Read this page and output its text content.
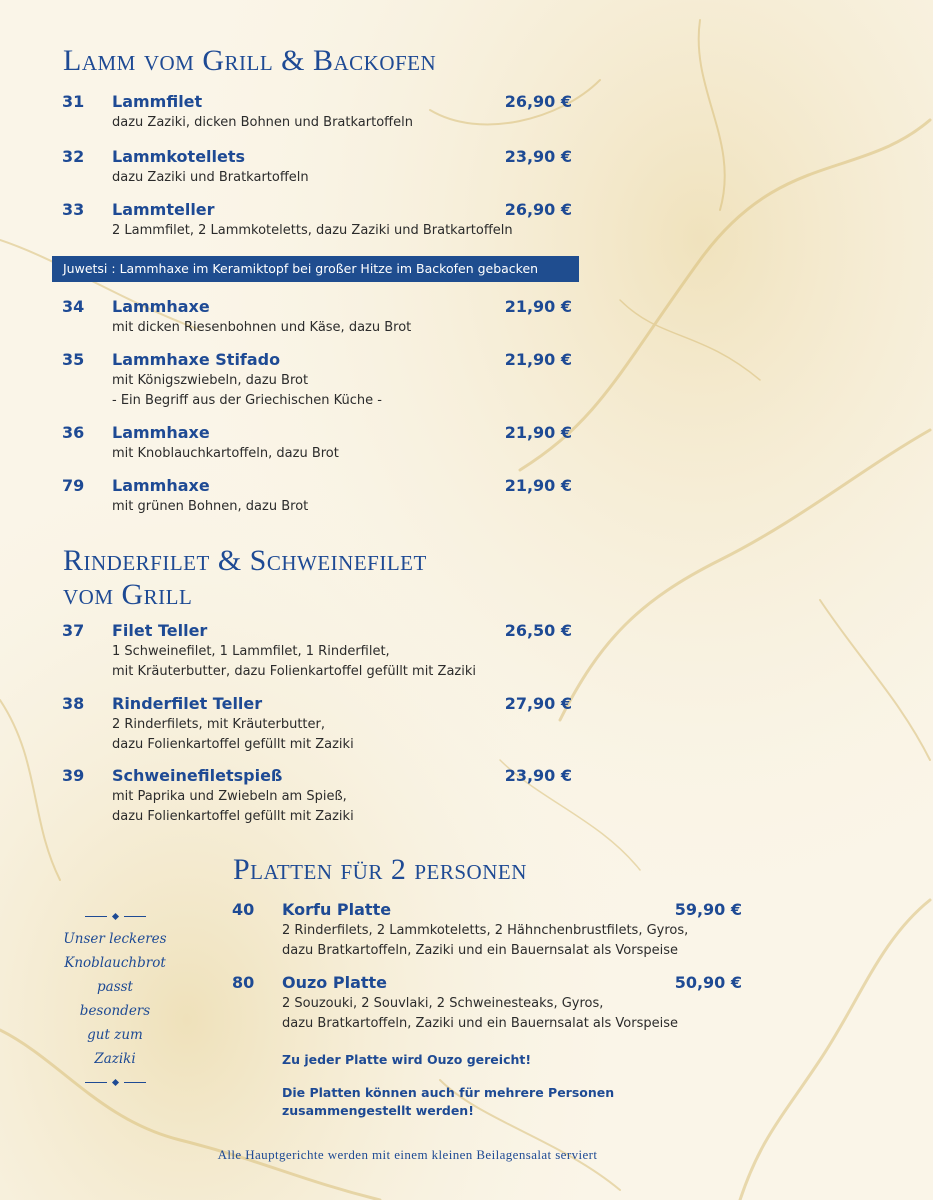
Lamm vom Grill & Backofen
31 Lammfilet	26,90 €
dazu Zaziki, dicken Bohnen und Bratkartoffeln
32 Lammkotellets	23,90 €
dazu Zaziki und Bratkartoffeln
33 Lammteller	26,90 €
2 Lammfilet, 2 Lammkoteletts, dazu Zaziki und Bratkartoffeln
Juwetsi : Lammhaxe im Keramiktopf bei großer Hitze im Backofen gebacken
34 Lammhaxe	21,90 €
mit dicken Riesenbohnen und Käse, dazu Brot
35 Lammhaxe Stifado	21,90 €
mit Königszwiebeln, dazu Brot
- Ein Begriff aus der Griechischen Küche -
36 Lammhaxe	21,90 €
mit Knoblauchkartoffeln, dazu Brot
79 Lammhaxe	21,90 €
mit grünen Bohnen, dazu Brot
Rinderfilet & Schweinefilet
vom Grill
37 Filet Teller	26,50 €
1 Schweinefilet, 1 Lammfilet, 1 Rinderfilet,
mit Kräuterbutter, dazu Folienkartoffel gefüllt mit Zaziki
38 Rinderfilet Teller	27,90 €
2 Rinderfilets, mit Kräuterbutter,
dazu Folienkartoffel gefüllt mit Zaziki
39 Schweinefiletspieß	23,90 €
mit Paprika und Zwiebeln am Spieß,
dazu Folienkartoffel gefüllt mit Zaziki
Platten für 2 personen
Unser leckeres
Knoblauchbrot
passt besonders
gut zum
Zaziki
40 Korfu Platte	59,90 €
2 Rinderfilets, 2 Lammkoteletts, 2 Hähnchenbrustfilets, Gyros,
dazu Bratkartoffeln, Zaziki und ein Bauernsalat als Vorspeise
80 Ouzo Platte	50,90 €
2 Souzouki, 2 Souvlaki, 2 Schweinesteaks, Gyros,
dazu Bratkartoffeln, Zaziki und ein Bauernsalat als Vorspeise
Zu jeder Platte wird Ouzo gereicht!
Die Platten können auch für mehrere Personen
zusammengestellt werden!
Alle Hauptgerichte werden mit einem kleinen Beilagensalat serviert
